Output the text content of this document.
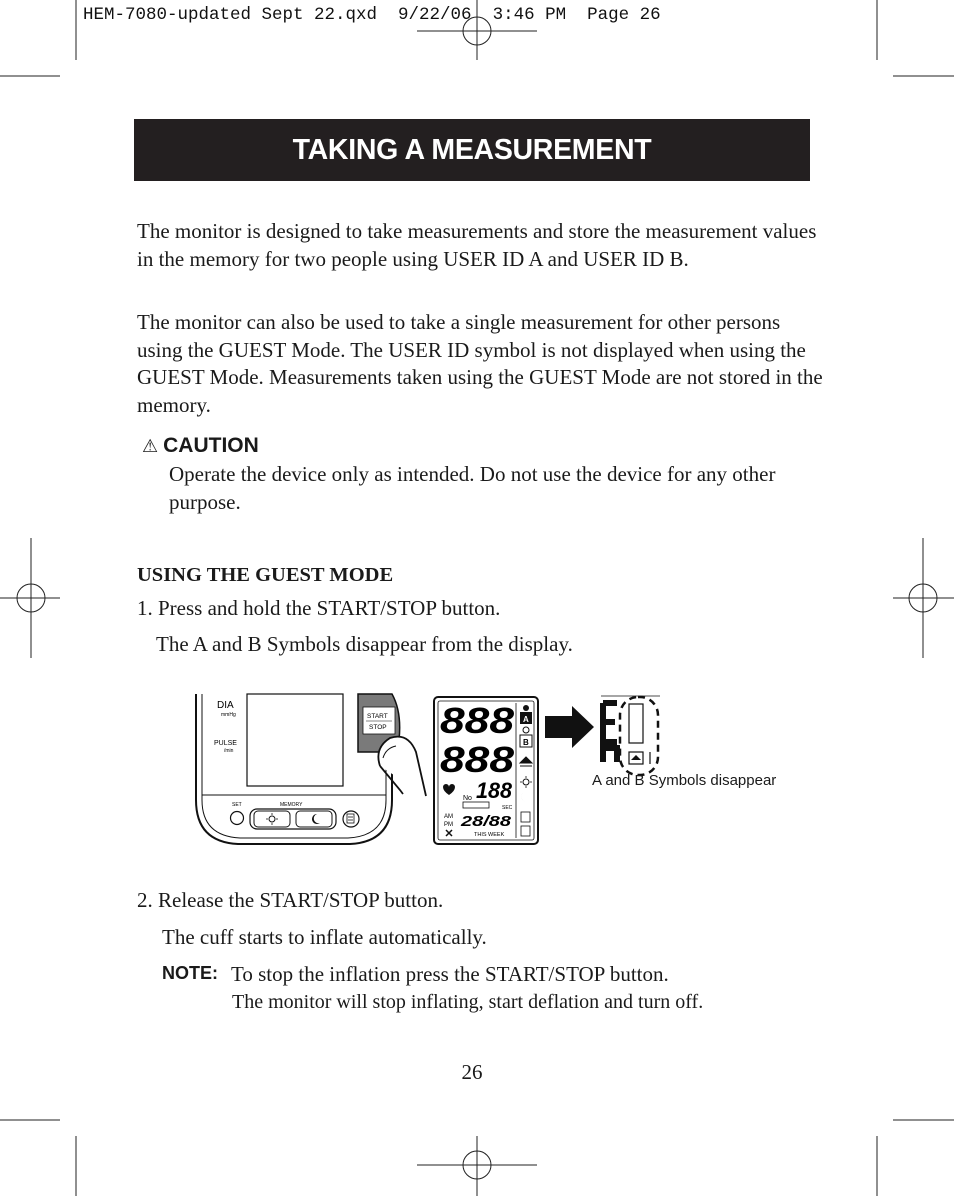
HEM-7080-updated Sept 22.qxd  9/22/06  3:46 PM  Page 26
TAKING A MEASUREMENT
The monitor is designed to take measurements and store the measurement values in the memory for two people using USER ID A and USER ID B.
The monitor can also be used to take a single measurement for other persons using the GUEST Mode. The USER ID symbol is not displayed when using the GUEST Mode. Measurements taken using the GUEST Mode are not stored in the memory.
⚠ CAUTION
Operate the device only as intended. Do not use the device for any other purpose.
USING THE GUEST MODE
1. Press and hold the START/STOP button.
The A and B Symbols disappear from the display.
DIA
mmHg
PULSE
/min
SET	MEMORY
START
STOP 888
888
A
B
188
No
SEC
AM
PM 28/88
THIS WEEK
A and B Symbols disappear
2. Release the START/STOP button.
The cuff starts to inflate automatically.
NOTE: To stop the inflation press the START/STOP button.
The monitor will stop inflating, start deflation and turn off.
26
